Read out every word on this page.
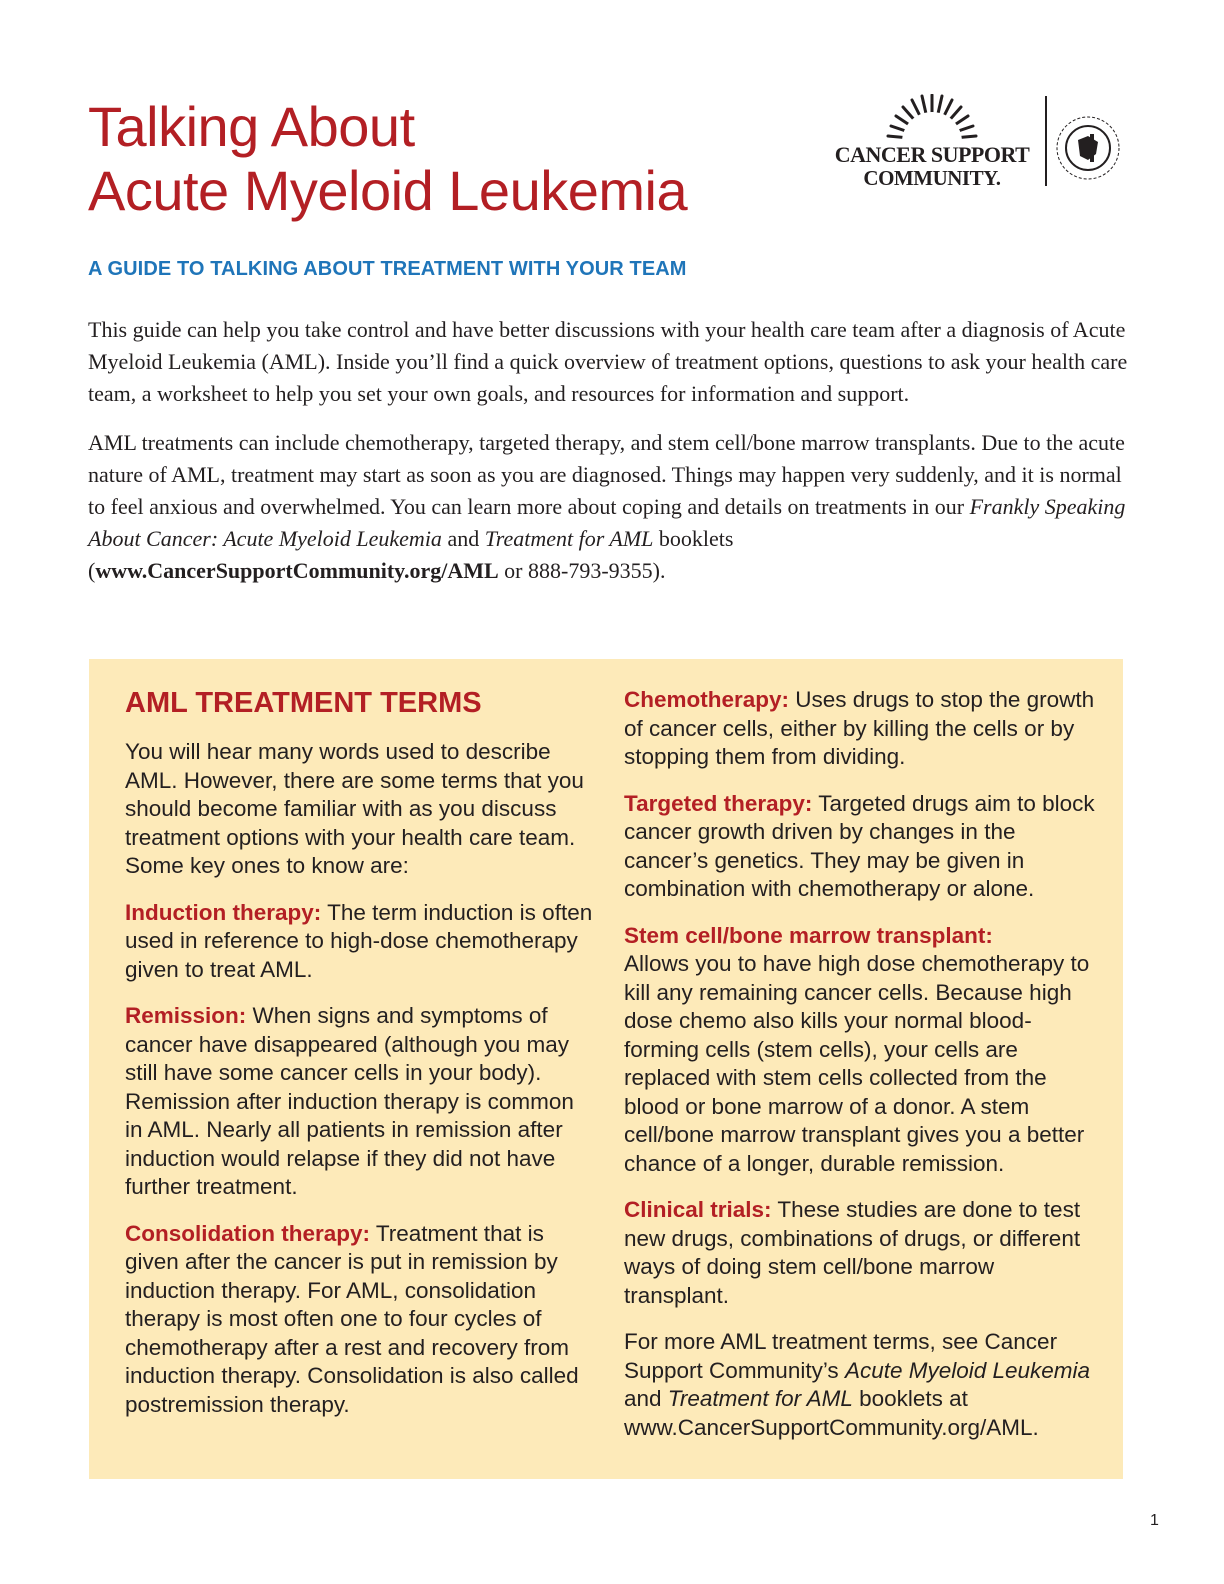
Talking About
Acute Myeloid Leukemia
CANCER SUPPORT
COMMUNITY.
A GUIDE TO TALKING ABOUT TREATMENT WITH YOUR TEAM

This guide can help you take control and have better discussions with your health care team after a diagnosis of Acute Myeloid Leukemia (AML). Inside you’ll find a quick overview of treatment options, questions to ask your health care team, a worksheet to help you set your own goals, and resources for information and support.

AML treatments can include chemotherapy, targeted therapy, and stem cell/bone marrow transplants. Due to the acute nature of AML, treatment may start as soon as you are diagnosed. Things may happen very suddenly, and it is normal to feel anxious and overwhelmed. You can learn more about coping and details on treatments in our Frankly Speaking About Cancer: Acute Myeloid Leukemia and Treatment for AML booklets (www.CancerSupportCommunity.org/AML or 888-793-9355).

AML TREATMENT TERMS

You will hear many words used to describe AML. However, there are some terms that you should become familiar with as you discuss treatment options with your health care team. Some key ones to know are:

Induction therapy: The term induction is often used in reference to high-dose chemotherapy given to treat AML.

Remission: When signs and symptoms of cancer have disappeared (although you may still have some cancer cells in your body). Remission after induction therapy is common in AML. Nearly all patients in remission after induction would relapse if they did not have further treatment.

Consolidation therapy: Treatment that is given after the cancer is put in remission by induction therapy. For AML, consolidation therapy is most often one to four cycles of chemotherapy after a rest and recovery from induction therapy. Consolidation is also called postremission therapy.

Chemotherapy: Uses drugs to stop the growth of cancer cells, either by killing the cells or by stopping them from dividing.

Targeted therapy: Targeted drugs aim to block cancer growth driven by changes in the cancer’s genetics. They may be given in combination with chemotherapy or alone.

Stem cell/bone marrow transplant:
Allows you to have high dose chemotherapy to kill any remaining cancer cells. Because high dose chemo also kills your normal blood-forming cells (stem cells), your cells are replaced with stem cells collected from the blood or bone marrow of a donor. A stem cell/bone marrow transplant gives you a better chance of a longer, durable remission.

Clinical trials: These studies are done to test new drugs, combinations of drugs, or different ways of doing stem cell/bone marrow transplant.

For more AML treatment terms, see Cancer Support Community’s Acute Myeloid Leukemia and Treatment for AML booklets at www.CancerSupportCommunity.org/AML.

1
